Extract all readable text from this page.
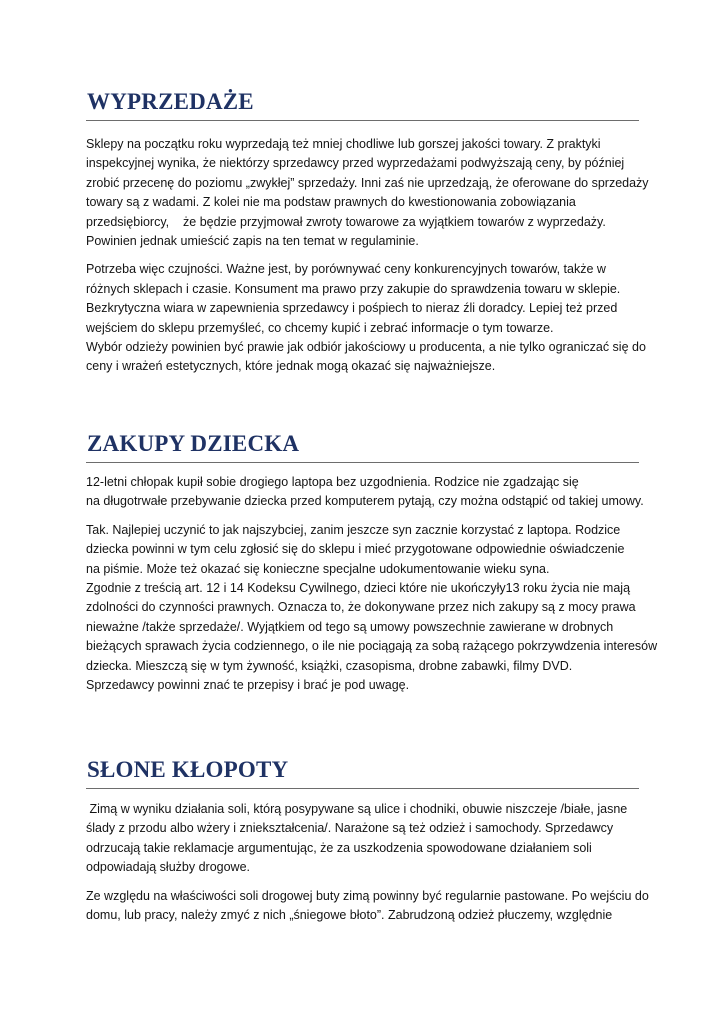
WYPRZEDAŻE
Sklepy na początku roku wyprzedają też mniej chodliwe lub gorszej jakości towary. Z praktyki
inspekcyjnej wynika, że niektórzy sprzedawcy przed wyprzedażami podwyższają ceny, by później
zrobić przecenę do poziomu „zwykłej” sprzedaży. Inni zaś nie uprzedzają, że oferowane do sprzedaży
towary są z wadami. Z kolei nie ma podstaw prawnych do kwestionowania zobowiązania
przedsiębiorcy,    że będzie przyjmował zwroty towarowe za wyjątkiem towarów z wyprzedaży.
Powinien jednak umieścić zapis na ten temat w regulaminie.
Potrzeba więc czujności. Ważne jest, by porównywać ceny konkurencyjnych towarów, także w
różnych sklepach i czasie. Konsument ma prawo przy zakupie do sprawdzenia towaru w sklepie.
Bezkrytyczna wiara w zapewnienia sprzedawcy i pośpiech to nieraz źli doradcy. Lepiej też przed
wejściem do sklepu przemyśleć, co chcemy kupić i zebrać informacje o tym towarze.
Wybór odzieży powinien być prawie jak odbiór jakościowy u producenta, a nie tylko ograniczać się do
ceny i wrażeń estetycznych, które jednak mogą okazać się najważniejsze.
ZAKUPY DZIECKA
12-letni chłopak kupił sobie drogiego laptopa bez uzgodnienia. Rodzice nie zgadzając się
na długotrwałe przebywanie dziecka przed komputerem pytają, czy można odstąpić od takiej umowy.
Tak. Najlepiej uczynić to jak najszybciej, zanim jeszcze syn zacznie korzystać z laptopa. Rodzice
dziecka powinni w tym celu zgłosić się do sklepu i mieć przygotowane odpowiednie oświadczenie
na piśmie. Może też okazać się konieczne specjalne udokumentowanie wieku syna.
Zgodnie z treścią art. 12 i 14 Kodeksu Cywilnego, dzieci które nie ukończyły13 roku życia nie mają
zdolności do czynności prawnych. Oznacza to, że dokonywane przez nich zakupy są z mocy prawa
nieważne /także sprzedaże/. Wyjątkiem od tego są umowy powszechnie zawierane w drobnych
bieżących sprawach życia codziennego, o ile nie pociągają za sobą rażącego pokrzywdzenia interesów
dziecka. Mieszczą się w tym żywność, książki, czasopisma, drobne zabawki, filmy DVD.
Sprzedawcy powinni znać te przepisy i brać je pod uwagę.
SŁONE KŁOPOTY
Zimą w wyniku działania soli, którą posypywane są ulice i chodniki, obuwie niszczeje /białe, jasne
ślady z przodu albo wżery i zniekształcenia/. Narażone są też odzież i samochody. Sprzedawcy
odrzucają takie reklamacje argumentując, że za uszkodzenia spowodowane działaniem soli
odpowiadają służby drogowe.
Ze względu na właściwości soli drogowej buty zimą powinny być regularnie pastowane. Po wejściu do
domu, lub pracy, należy zmyć z nich „śniegowe błoto”. Zabrudzoną odzież płuczemy, względnie
